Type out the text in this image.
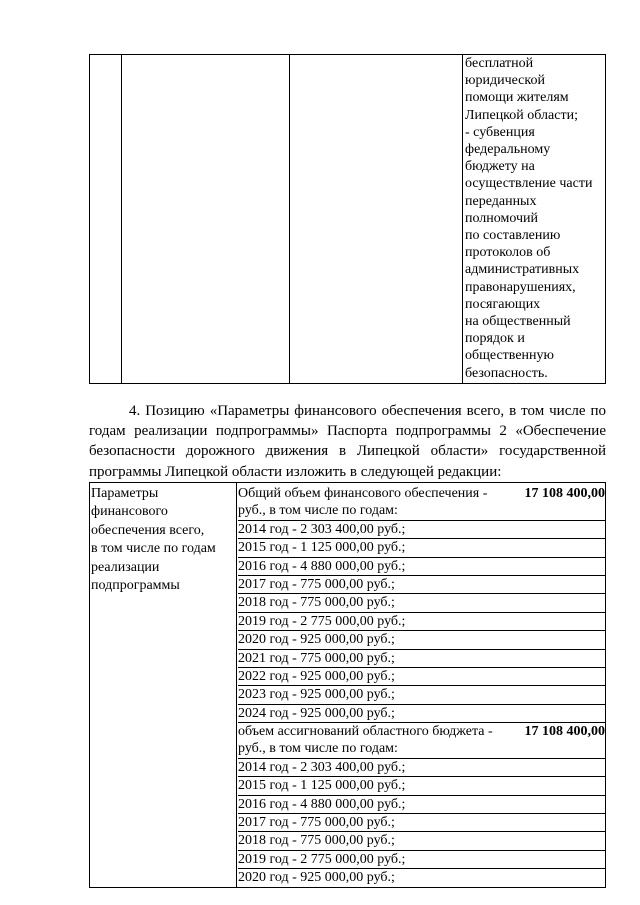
бесплатной
юридической
помощи жителям
Липецкой области;
- субвенция
федеральному
бюджету на
осуществление части
переданных
полномочий
по составлению
протоколов об
административных
правонарушениях,
посягающих
на общественный
порядок и
общественную
безопасность.
4. Позицию «Параметры финансового обеспечения всего, в том числе по
годам реализации подпрограммы» Паспорта подпрограммы 2 «Обеспечение
безопасности дорожного движения в Липецкой области» государственной
программы Липецкой области изложить в следующей редакции:
Параметры
финансового
обеспечения всего,
в том числе по годам
реализации
подпрограммы

Общий объем финансового обеспечения -	17 108 400,00
руб., в том числе по годам:
2014 год - 2 303 400,00 руб.;
2015 год - 1 125 000,00 руб.;
2016 год - 4 880 000,00 руб.;
2017 год - 775 000,00 руб.;
2018 год - 775 000,00 руб.;
2019 год - 2 775 000,00 руб.;
2020 год - 925 000,00 руб.;
2021 год - 775 000,00 руб.;
2022 год - 925 000,00 руб.;
2023 год - 925 000,00 руб.;
2024 год - 925 000,00 руб.;
объем ассигнований областного бюджета - 17 108 400,00
руб., в том числе по годам:
2014 год - 2 303 400,00 руб.;
2015 год - 1 125 000,00 руб.;
2016 год - 4 880 000,00 руб.;
2017 год - 775 000,00 руб.;
2018 год - 775 000,00 руб.;
2019 год - 2 775 000,00 руб.;
2020 год - 925 000,00 руб.;
